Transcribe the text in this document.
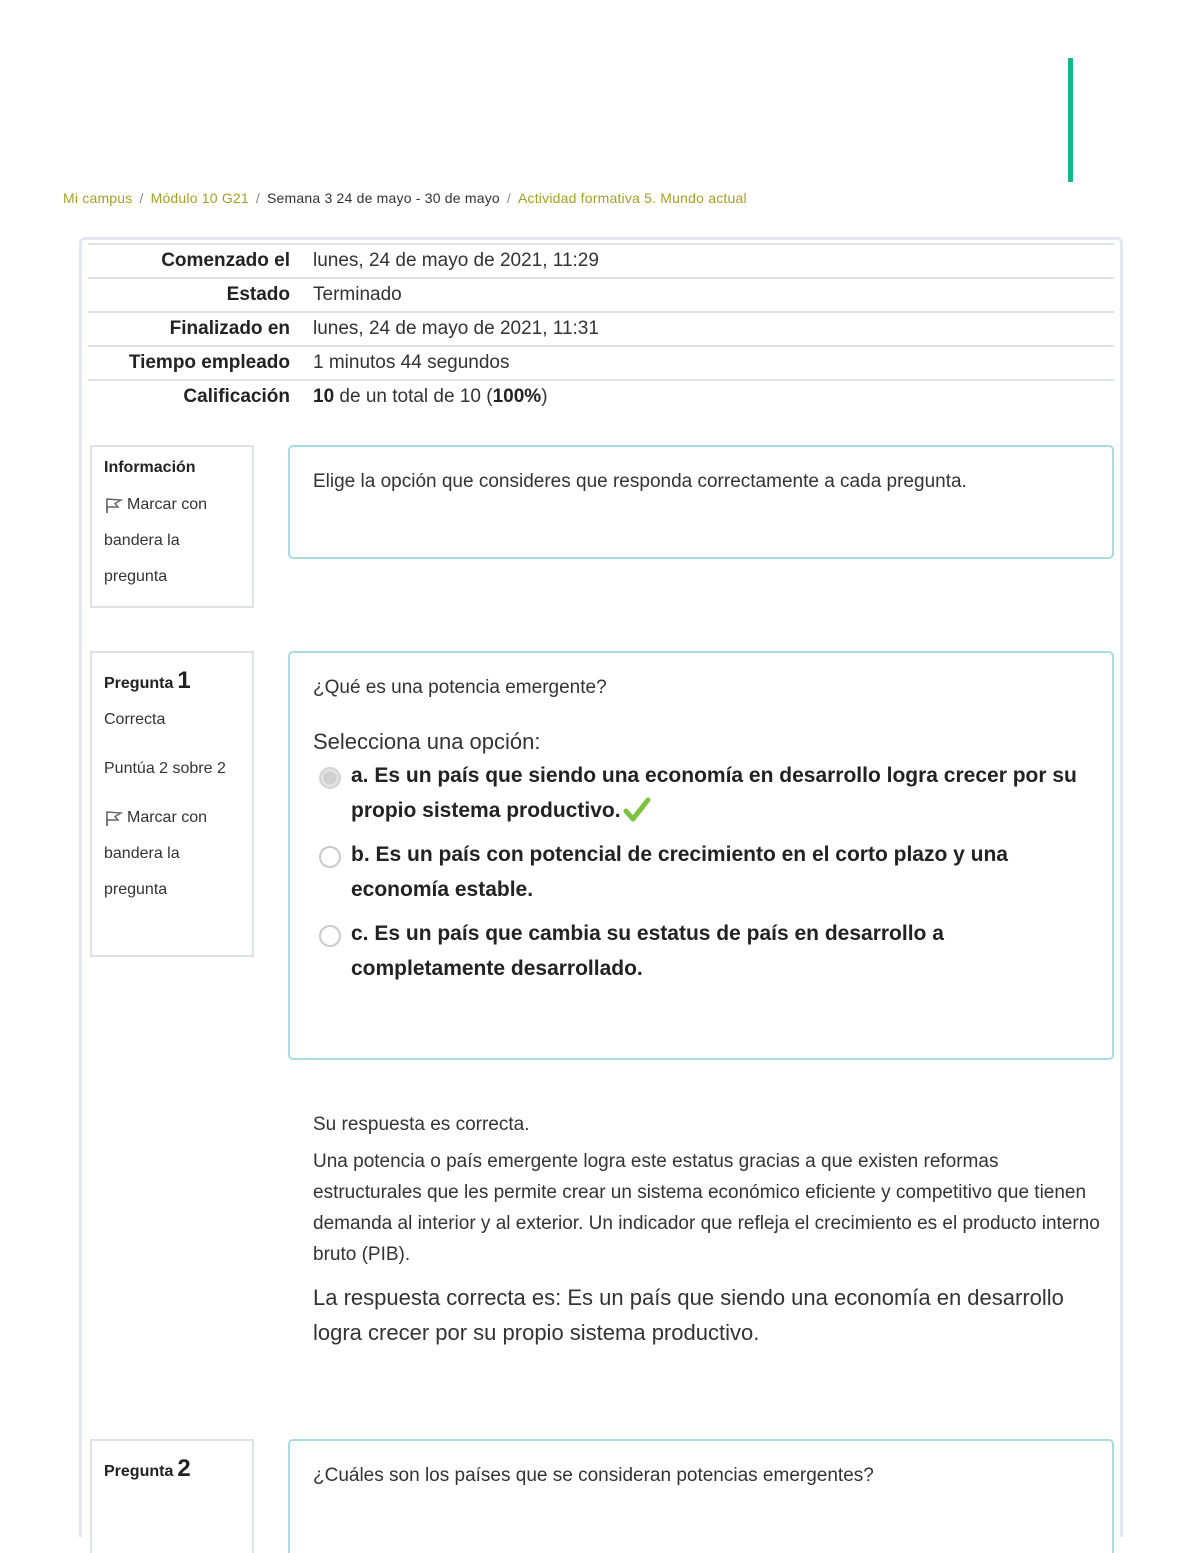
Mi campus / Módulo 10 G21 / Semana 3 24 de mayo - 30 de mayo / Actividad formativa 5. Mundo actual
Comenzado el lunes, 24 de mayo de 2021, 11:29
Estado Terminado
Finalizado en lunes, 24 de mayo de 2021, 11:31
Tiempo empleado 1 minutos 44 segundos
Calificación 10 de un total de 10 (100%)
Información
Marcar con bandera la pregunta
Elige la opción que consideres que responda correctamente a cada pregunta.
Pregunta 1
Correcta
Puntúa 2 sobre 2
Marcar con bandera la pregunta
¿Qué es una potencia emergente?
Selecciona una opción:
a. Es un país que siendo una economía en desarrollo logra crecer por su propio sistema productivo.
b. Es un país con potencial de crecimiento en el corto plazo y una economía estable.
c. Es un país que cambia su estatus de país en desarrollo a completamente desarrollado.
Su respuesta es correcta.
Una potencia o país emergente logra este estatus gracias a que existen reformas estructurales que les permite crear un sistema económico eficiente y competitivo que tienen demanda al interior y al exterior. Un indicador que refleja el crecimiento es el producto interno bruto (PIB).
La respuesta correcta es: Es un país que siendo una economía en desarrollo logra crecer por su propio sistema productivo.
Pregunta 2	¿Cuáles son los países que se consideran potencias emergentes?
